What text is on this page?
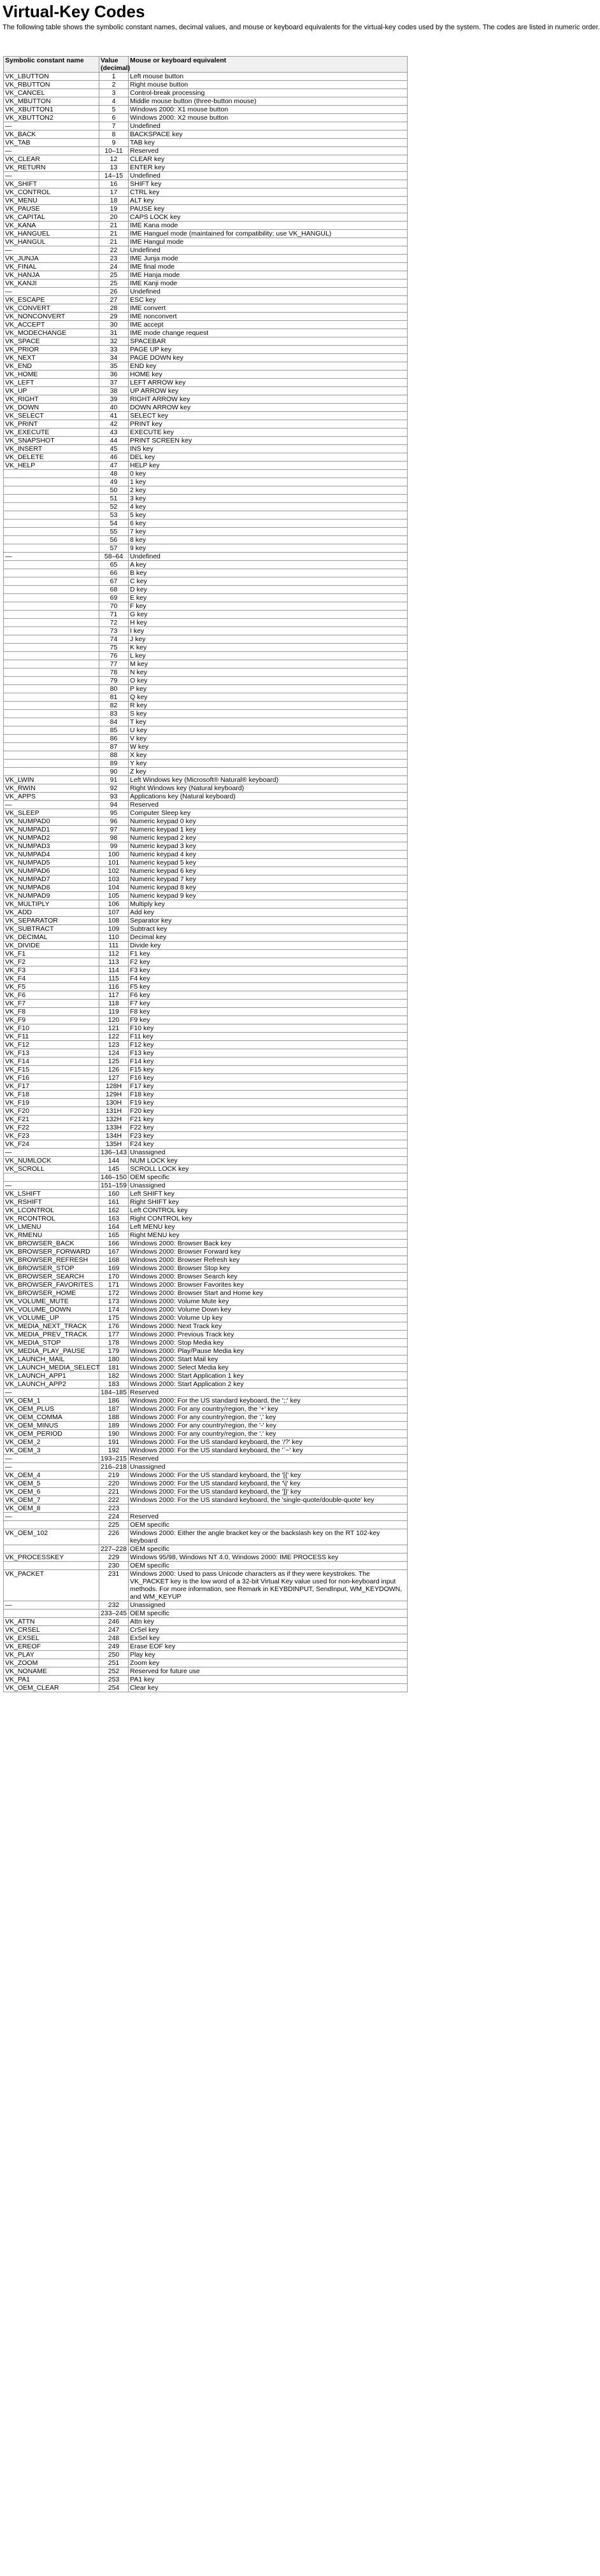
Virtual-Key Codes

The following table shows the symbolic constant names, decimal values, and mouse or keyboard equivalents for the virtual-key codes used by the system. The codes are listed in numeric order.

Symbolic constant name	Value (decimal)	Mouse or keyboard equivalent
VK_LBUTTON	1	Left mouse button
VK_RBUTTON	2	Right mouse button
VK_CANCEL	3	Control-break processing
VK_MBUTTON	4	Middle mouse button (three-button mouse)
VK_XBUTTON1	5	Windows 2000: X1 mouse button
VK_XBUTTON2	6	Windows 2000: X2 mouse button
—	7	Undefined
VK_BACK	8	BACKSPACE key
VK_TAB	9	TAB key
—	10–11	Reserved
VK_CLEAR	12	CLEAR key
VK_RETURN	13	ENTER key
—	14–15	Undefined
VK_SHIFT	16	SHIFT key
VK_CONTROL	17	CTRL key
VK_MENU	18	ALT key
VK_PAUSE	19	PAUSE key
VK_CAPITAL	20	CAPS LOCK key
VK_KANA	21	IME Kana mode
VK_HANGUEL	21	IME Hanguel mode (maintained for compatibility; use VK_HANGUL)
VK_HANGUL	21	IME Hangul mode
—	22	Undefined
VK_JUNJA	23	IME Junja mode
VK_FINAL	24	IME final mode
VK_HANJA	25	IME Hanja mode
VK_KANJI	25	IME Kanji mode
—	26	Undefined
VK_ESCAPE	27	ESC key
VK_CONVERT	28	IME convert
VK_NONCONVERT	29	IME nonconvert
VK_ACCEPT	30	IME accept
VK_MODECHANGE	31	IME mode change request
VK_SPACE	32	SPACEBAR
VK_PRIOR	33	PAGE UP key
VK_NEXT	34	PAGE DOWN key
VK_END	35	END key
VK_HOME	36	HOME key
VK_LEFT	37	LEFT ARROW key
VK_UP	38	UP ARROW key
VK_RIGHT	39	RIGHT ARROW key
VK_DOWN	40	DOWN ARROW key
VK_SELECT	41	SELECT key
VK_PRINT	42	PRINT key
VK_EXECUTE	43	EXECUTE key
VK_SNAPSHOT	44	PRINT SCREEN key
VK_INSERT	45	INS key
VK_DELETE	46	DEL key
VK_HELP	47	HELP key
	48	0 key
	49	1 key
	50	2 key
	51	3 key
	52	4 key
	53	5 key
	54	6 key
	55	7 key
	56	8 key
	57	9 key
—	58–64	Undefined
	65	A key
	66	B key
	67	C key
	68	D key
	69	E key
	70	F key
	71	G key
	72	H key
	73	I key
	74	J key
	75	K key
	76	L key
	77	M key
	78	N key
	79	O key
	80	P key
	81	Q key
	82	R key
	83	S key
	84	T key
	85	U key
	86	V key
	87	W key
	88	X key
	89	Y key
	90	Z key
VK_LWIN	91	Left Windows key (Microsoft® Natural® keyboard)
VK_RWIN	92	Right Windows key (Natural keyboard)
VK_APPS	93	Applications key (Natural keyboard)
—	94	Reserved
VK_SLEEP	95	Computer Sleep key
VK_NUMPAD0	96	Numeric keypad 0 key
VK_NUMPAD1	97	Numeric keypad 1 key
VK_NUMPAD2	98	Numeric keypad 2 key
VK_NUMPAD3	99	Numeric keypad 3 key
VK_NUMPAD4	100	Numeric keypad 4 key
VK_NUMPAD5	101	Numeric keypad 5 key
VK_NUMPAD6	102	Numeric keypad 6 key
VK_NUMPAD7	103	Numeric keypad 7 key
VK_NUMPAD8	104	Numeric keypad 8 key
VK_NUMPAD9	105	Numeric keypad 9 key
VK_MULTIPLY	106	Multiply key
VK_ADD	107	Add key
VK_SEPARATOR	108	Separator key
VK_SUBTRACT	109	Subtract key
VK_DECIMAL	110	Decimal key
VK_DIVIDE	111	Divide key
VK_F1	112	F1 key
VK_F2	113	F2 key
VK_F3	114	F3 key
VK_F4	115	F4 key
VK_F5	116	F5 key
VK_F6	117	F6 key
VK_F7	118	F7 key
VK_F8	119	F8 key
VK_F9	120	F9 key
VK_F10	121	F10 key
VK_F11	122	F11 key
VK_F12	123	F12 key
VK_F13	124	F13 key
VK_F14	125	F14 key
VK_F15	126	F15 key
VK_F16	127	F16 key
VK_F17	128H	F17 key
VK_F18	129H	F18 key
VK_F19	130H	F19 key
VK_F20	131H	F20 key
VK_F21	132H	F21 key
VK_F22	133H	F22 key
VK_F23	134H	F23 key
VK_F24	135H	F24 key
—	136–143	Unassigned
VK_NUMLOCK	144	NUM LOCK key
VK_SCROLL	145	SCROLL LOCK key
	146–150	OEM specific
—	151–159	Unassigned
VK_LSHIFT	160	Left SHIFT key
VK_RSHIFT	161	Right SHIFT key
VK_LCONTROL	162	Left CONTROL key
VK_RCONTROL	163	Right CONTROL key
VK_LMENU	164	Left MENU key
VK_RMENU	165	Right MENU key
VK_BROWSER_BACK	166	Windows 2000: Browser Back key
VK_BROWSER_FORWARD	167	Windows 2000: Browser Forward key
VK_BROWSER_REFRESH	168	Windows 2000: Browser Refresh key
VK_BROWSER_STOP	169	Windows 2000: Browser Stop key
VK_BROWSER_SEARCH	170	Windows 2000: Browser Search key
VK_BROWSER_FAVORITES	171	Windows 2000: Browser Favorites key
VK_BROWSER_HOME	172	Windows 2000: Browser Start and Home key
VK_VOLUME_MUTE	173	Windows 2000: Volume Mute key
VK_VOLUME_DOWN	174	Windows 2000: Volume Down key
VK_VOLUME_UP	175	Windows 2000: Volume Up key
VK_MEDIA_NEXT_TRACK	176	Windows 2000: Next Track key
VK_MEDIA_PREV_TRACK	177	Windows 2000: Previous Track key
VK_MEDIA_STOP	178	Windows 2000: Stop Media key
VK_MEDIA_PLAY_PAUSE	179	Windows 2000: Play/Pause Media key
VK_LAUNCH_MAIL	180	Windows 2000: Start Mail key
VK_LAUNCH_MEDIA_SELECT	181	Windows 2000: Select Media key
VK_LAUNCH_APP1	182	Windows 2000: Start Application 1 key
VK_LAUNCH_APP2	183	Windows 2000: Start Application 2 key
—	184–185	Reserved
VK_OEM_1	186	Windows 2000: For the US standard keyboard, the ';:' key
VK_OEM_PLUS	187	Windows 2000: For any country/region, the '+' key
VK_OEM_COMMA	188	Windows 2000: For any country/region, the ',' key
VK_OEM_MINUS	189	Windows 2000: For any country/region, the '-' key
VK_OEM_PERIOD	190	Windows 2000: For any country/region, the '.' key
VK_OEM_2	191	Windows 2000: For the US standard keyboard, the '/?' key
VK_OEM_3	192	Windows 2000: For the US standard keyboard, the '`~' key
—	193–215	Reserved
—	216–218	Unassigned
VK_OEM_4	219	Windows 2000: For the US standard keyboard, the '[{' key
VK_OEM_5	220	Windows 2000: For the US standard keyboard, the '\|' key
VK_OEM_6	221	Windows 2000: For the US standard keyboard, the ']}' key
VK_OEM_7	222	Windows 2000: For the US standard keyboard, the 'single-quote/double-quote' key
VK_OEM_8	223	
—	224	Reserved
	225	OEM specific
VK_OEM_102	226	Windows 2000: Either the angle bracket key or the backslash key on the RT 102-key keyboard
	227–228	OEM specific
VK_PROCESSKEY	229	Windows 95/98, Windows NT 4.0, Windows 2000: IME PROCESS key
	230	OEM specific
VK_PACKET	231	Windows 2000: Used to pass Unicode characters as if they were keystrokes. The VK_PACKET key is the low word of a 32-bit Virtual Key value used for non-keyboard input methods. For more information, see Remark in KEYBDINPUT, SendInput, WM_KEYDOWN, and WM_KEYUP
—	232	Unassigned
	233–245	OEM specific
VK_ATTN	246	Attn key
VK_CRSEL	247	CrSel key
VK_EXSEL	248	ExSel key
VK_EREOF	249	Erase EOF key
VK_PLAY	250	Play key
VK_ZOOM	251	Zoom key
VK_NONAME	252	Reserved for future use
VK_PA1	253	PA1 key
VK_OEM_CLEAR	254	Clear key
